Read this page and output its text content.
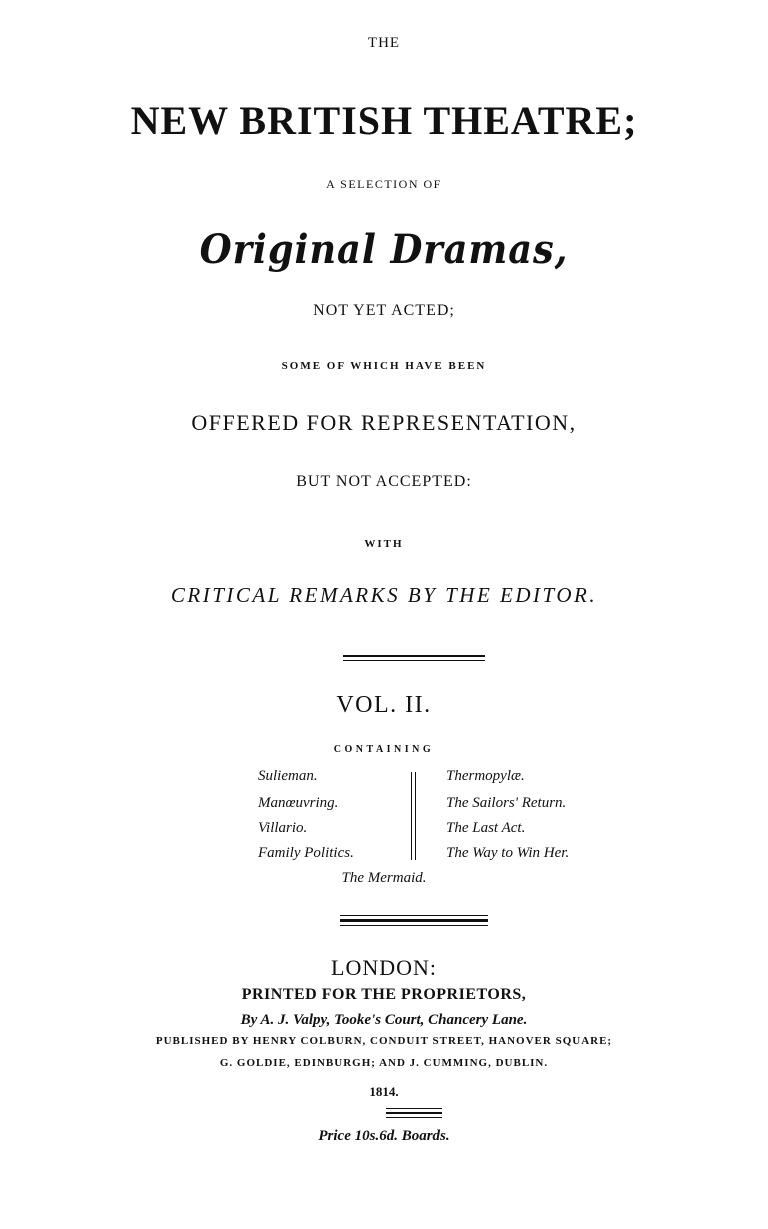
THE
NEW BRITISH THEATRE;
A SELECTION OF
Original Dramas,
NOT YET ACTED;
SOME OF WHICH HAVE BEEN
OFFERED FOR REPRESENTATION,
BUT NOT ACCEPTED:
WITH
CRITICAL REMARKS BY THE EDITOR.
VOL. II.
CONTAINING
Sulieman.
Manœuvring.
Villario.
Family Politics.
Thermopylæ.
The Sailors' Return.
The Last Act.
The Way to Win Her.
The Mermaid.
LONDON:
PRINTED FOR THE PROPRIETORS,
By A. J. Valpy, Tooke's Court, Chancery Lane.
PUBLISHED BY HENRY COLBURN, CONDUIT STREET, HANOVER SQUARE;
G. GOLDIE, EDINBURGH; AND J. CUMMING, DUBLIN.
1814.
Price 10s.6d. Boards.
